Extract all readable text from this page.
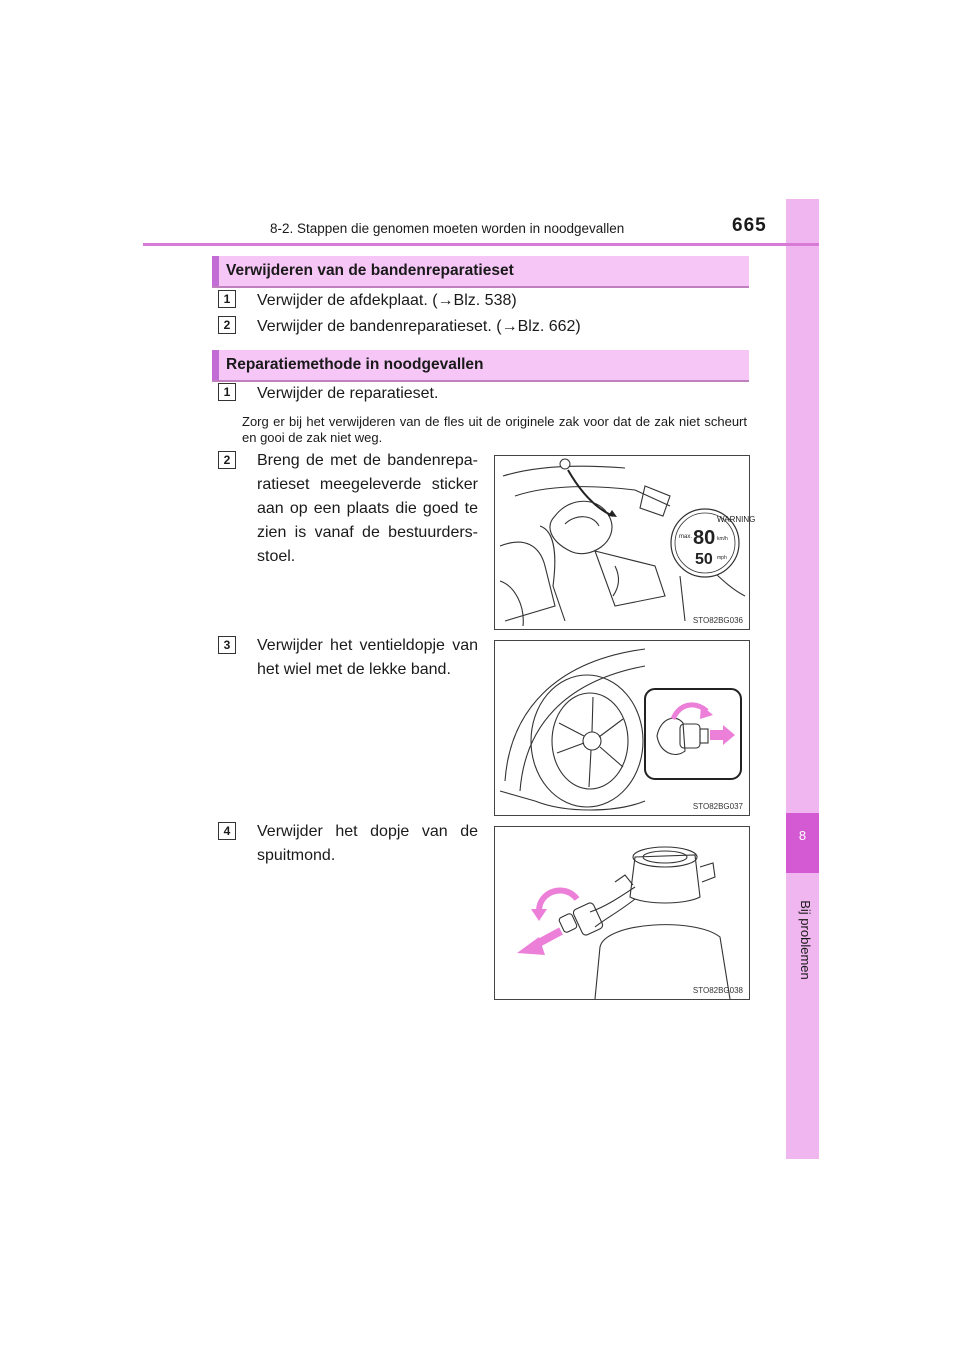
8
Bij problemen
8-2. Stappen die genomen moeten worden in noodgevallen	665
Verwijderen van de bandenreparatieset
1	Verwijder de afdekplaat. (→Blz. 538)
2	Verwijder de bandenreparatieset. (→Blz. 662)
Reparatiemethode in noodgevallen
1	Verwijder de reparatieset.
Zorg er bij het verwijderen van de fles uit de originele zak voor dat de zak niet scheurt en gooi de zak niet weg.
2	Breng de met de bandenrepa-ratieset meegeleverde sticker aan op een plaats die goed te zien is vanaf de bestuurders-stoel.
WARNING
max. 80 km/h
50 mph
STO82BG036
3	Verwijder het ventieldopje van het wiel met de lekke band.
STO82BG037
4	Verwijder het dopje van de spuitmond.
STO82BG038
